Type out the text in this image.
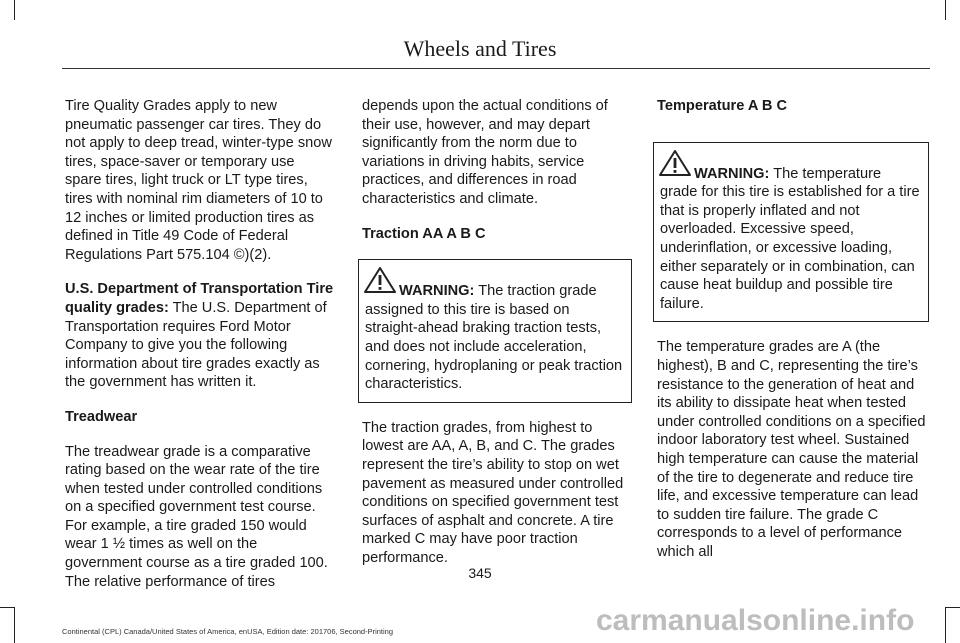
Wheels and Tires

Tire Quality Grades apply to new pneumatic passenger car tires. They do not apply to deep tread, winter-type snow tires, space-saver or temporary use spare tires, light truck or LT type tires, tires with nominal rim diameters of 10 to 12 inches or limited production tires as defined in Title 49 Code of Federal Regulations Part 575.104 ©)(2).

U.S. Department of Transportation Tire quality grades: The U.S. Department of Transportation requires Ford Motor Company to give you the following information about tire grades exactly as the government has written it.

Treadwear

The treadwear grade is a comparative rating based on the wear rate of the tire when tested under controlled conditions on a specified government test course. For example, a tire graded 150 would wear 1 ½ times as well on the government course as a tire graded 100. The relative performance of tires

depends upon the actual conditions of their use, however, and may depart significantly from the norm due to variations in driving habits, service practices, and differences in road characteristics and climate.

Traction AA A B C

WARNING: The traction grade assigned to this tire is based on straight-ahead braking traction tests, and does not include acceleration, cornering, hydroplaning or peak traction characteristics.

The traction grades, from highest to lowest are AA, A, B, and C. The grades represent the tire’s ability to stop on wet pavement as measured under controlled conditions on specified government test surfaces of asphalt and concrete. A tire marked C may have poor traction performance.

Temperature A B C

WARNING: The temperature grade for this tire is established for a tire that is properly inflated and not overloaded. Excessive speed, underinflation, or excessive loading, either separately or in combination, can cause heat buildup and possible tire failure.

The temperature grades are A (the highest), B and C, representing the tire’s resistance to the generation of heat and its ability to dissipate heat when tested under controlled conditions on a specified indoor laboratory test wheel. Sustained high temperature can cause the material of the tire to degenerate and reduce tire life, and excessive temperature can lead to sudden tire failure. The grade C corresponds to a level of performance which all

345
Continental (CPL) Canada/United States of America, enUSA, Edition date: 201706, Second-Printing	carmanualsonline.info
